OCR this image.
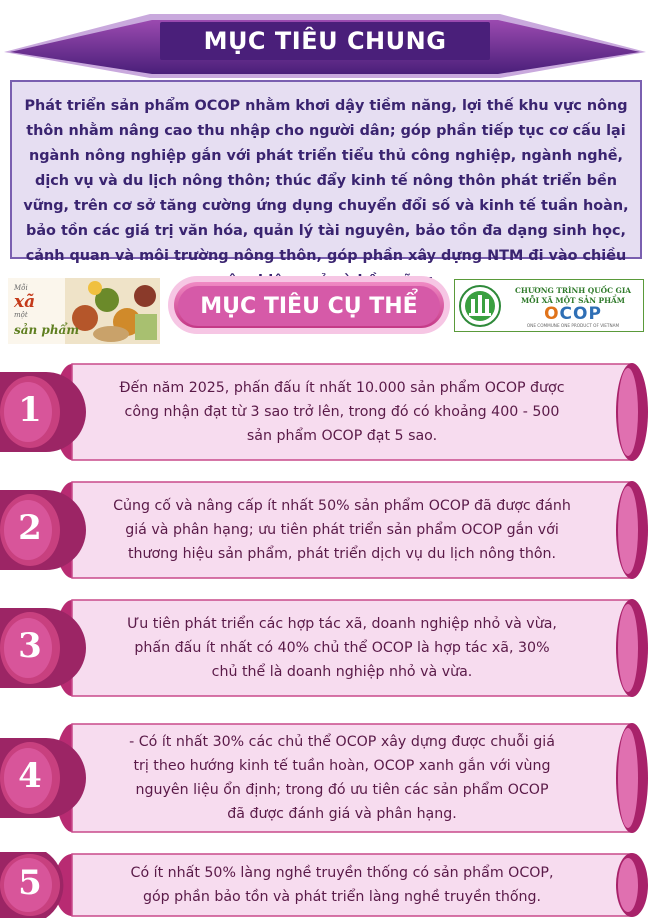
MỤC TIÊU CHUNG

Phát triển sản phẩm OCOP nhằm khơi dậy tiềm năng, lợi thế khu vực nông thôn nhằm nâng cao thu nhập cho người dân; góp phần tiếp tục cơ cấu lại ngành nông nghiệp gắn với phát triển tiểu thủ công nghiệp, ngành nghề, dịch vụ và du lịch nông thôn; thúc đẩy kinh tế nông thôn phát triển bền vững, trên cơ sở tăng cường ứng dụng chuyển đổi số và kinh tế tuần hoàn, bảo tồn các giá trị văn hóa, quản lý tài nguyên, bảo tồn đa dạng sinh học, cảnh quan và môi trường nông thôn, góp phần xây dựng NTM đi vào chiều

Mỗi
xã
một
sản phẩm
MỤC TIÊU CỤ THỂ
CHƯƠNG TRÌNH QUỐC GIA
MỖI XÃ MỘT SẢN PHẨM
OCOP
ONE COMMUNE ONE PRODUCT OF VIETNAM
1
Đến năm 2025, phấn đấu ít nhất 10.000 sản phẩm OCOP được
công nhận đạt từ 3 sao trở lên, trong đó có khoảng 400 - 500
sản phẩm OCOP đạt 5 sao.
2
Củng cố và nâng cấp ít nhất 50% sản phẩm OCOP đã được đánh
giá và phân hạng; ưu tiên phát triển sản phẩm OCOP gắn với
thương hiệu sản phẩm, phát triển dịch vụ du lịch nông thôn.
3
Ưu tiên phát triển các hợp tác xã, doanh nghiệp nhỏ và vừa,
phấn đấu ít nhất có 40% chủ thể OCOP là hợp tác xã, 30%
chủ thể là doanh nghiệp nhỏ và vừa.
4
- Có ít nhất 30% các chủ thể OCOP xây dựng được chuỗi giá
trị theo hướng kinh tế tuần hoàn, OCOP xanh gắn với vùng
nguyên liệu ổn định; trong đó ưu tiên các sản phẩm OCOP
đã được đánh giá và phân hạng.
5	Có ít nhất 50% làng nghề truyền thống có sản phẩm OCOP,
góp phần bảo tồn và phát triển làng nghề truyền thống.
